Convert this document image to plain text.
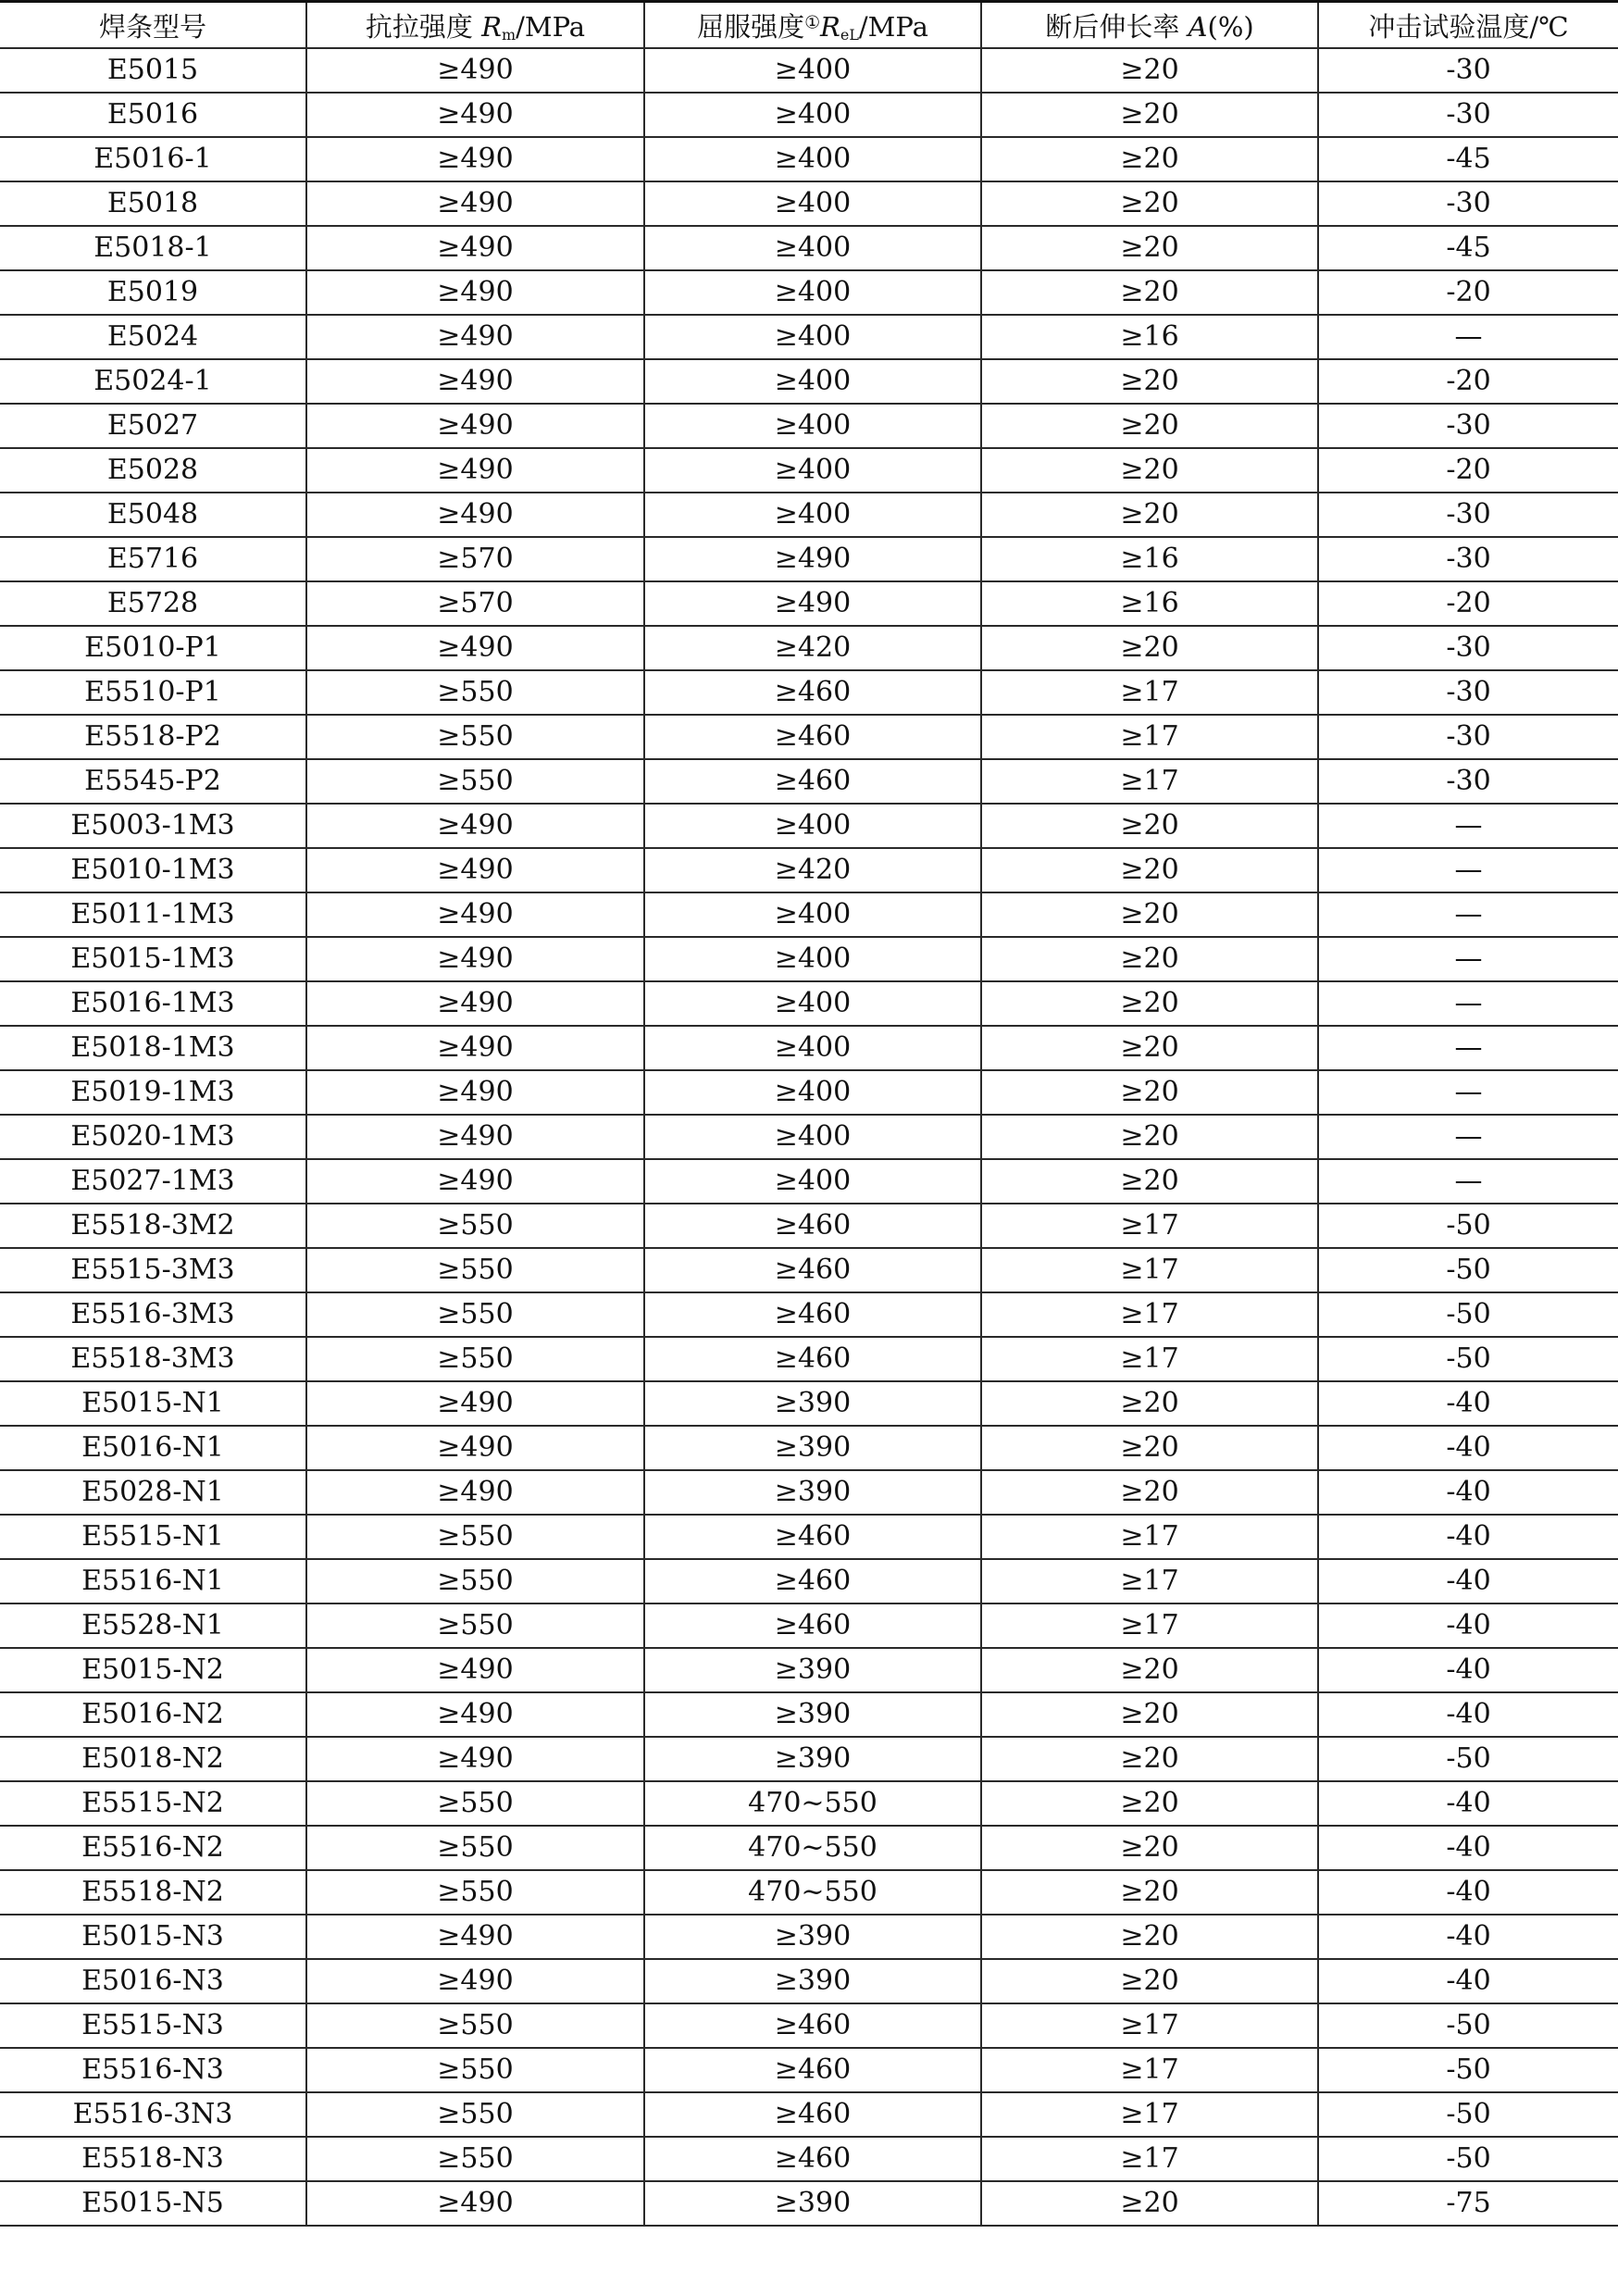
焊条型号	抗拉强度 $R_m$/MPa	屈服强度$^①R_{eL}$/MPa	断后伸长率 A(%)	冲击试验温度/℃
E5015	≥490	≥400	≥20	-30
E5016	≥490	≥400	≥20	-30
E5016-1	≥490	≥400	≥20	-45
E5018	≥490	≥400	≥20	-30
E5018-1	≥490	≥400	≥20	-45
E5019	≥490	≥400	≥20	-20
E5024	≥490	≥400	≥16	—
E5024-1	≥490	≥400	≥20	-20
E5027	≥490	≥400	≥20	-30
E5028	≥490	≥400	≥20	-20
E5048	≥490	≥400	≥20	-30
E5716	≥570	≥490	≥16	-30
E5728	≥570	≥490	≥16	-20
E5010-P1	≥490	≥420	≥20	-30
E5510-P1	≥550	≥460	≥17	-30
E5518-P2	≥550	≥460	≥17	-30
E5545-P2	≥550	≥460	≥17	-30
E5003-1M3	≥490	≥400	≥20	—
E5010-1M3	≥490	≥420	≥20	—
E5011-1M3	≥490	≥400	≥20	—
E5015-1M3	≥490	≥400	≥20	—
E5016-1M3	≥490	≥400	≥20	—
E5018-1M3	≥490	≥400	≥20	—
E5019-1M3	≥490	≥400	≥20	—
E5020-1M3	≥490	≥400	≥20	—
E5027-1M3	≥490	≥400	≥20	—
E5518-3M2	≥550	≥460	≥17	-50
E5515-3M3	≥550	≥460	≥17	-50
E5516-3M3	≥550	≥460	≥17	-50
E5518-3M3	≥550	≥460	≥17	-50
E5015-N1	≥490	≥390	≥20	-40
E5016-N1	≥490	≥390	≥20	-40
E5028-N1	≥490	≥390	≥20	-40
E5515-N1	≥550	≥460	≥17	-40
E5516-N1	≥550	≥460	≥17	-40
E5528-N1	≥550	≥460	≥17	-40
E5015-N2	≥490	≥390	≥20	-40
E5016-N2	≥490	≥390	≥20	-40
E5018-N2	≥490	≥390	≥20	-50
E5515-N2	≥550	470~550	≥20	-40
E5516-N2	≥550	470~550	≥20	-40
E5518-N2	≥550	470~550	≥20	-40
E5015-N3	≥490	≥390	≥20	-40
E5016-N3	≥490	≥390	≥20	-40
E5515-N3	≥550	≥460	≥17	-50
E5516-N3	≥550	≥460	≥17	-50
E5516-3N3	≥550	≥460	≥17	-50
E5518-N3	≥550	≥460	≥17	-50
E5015-N5	≥490	≥390	≥20	-75
